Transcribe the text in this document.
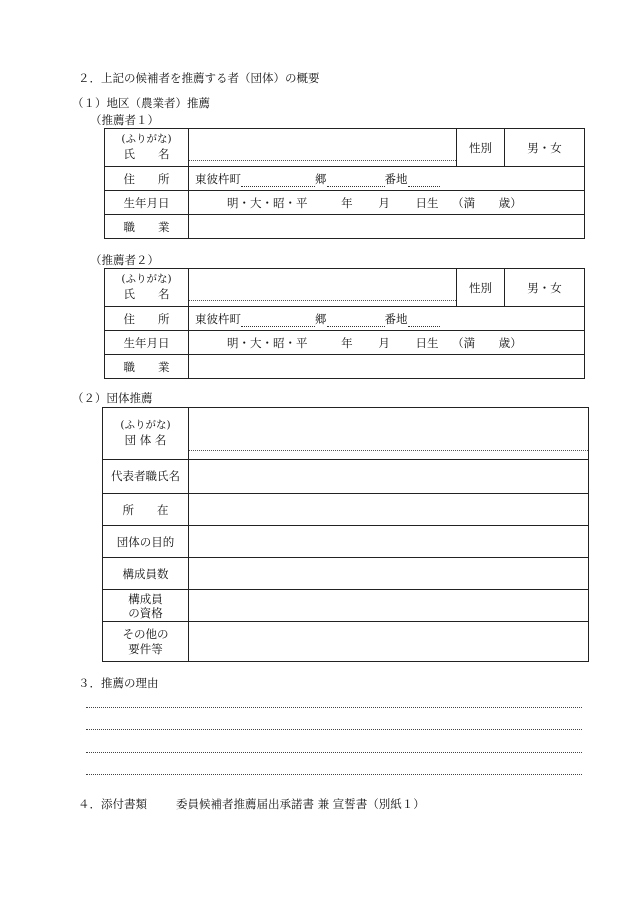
２．上記の候補者を推薦する者（団体）の概要
（１）地区（農業者）推薦
（推薦者１）
(ふりがな)
氏　　名		性別	男・女
住　　所	東彼杵町 郷 番地		
生年月日	明・大・昭・平 年 月 日生 （満 歳）		
職　　業			
（推薦者２）
(ふりがな)
氏　　名		性別	男・女
住　　所	東彼杵町 郷 番地		
生年月日	明・大・昭・平 年 月 日生 （満 歳）		
職　　業			
（２）団体推薦
(ふりがな)
団 体 名	

代表者職氏名	
所　　在	
団体の目的	
構成員数	

構成員
の資格	

その他の
要件等	

３．推薦の理由
４．添付書類	委員候補者推薦届出承諾書 兼 宣誓書（別紙１）
